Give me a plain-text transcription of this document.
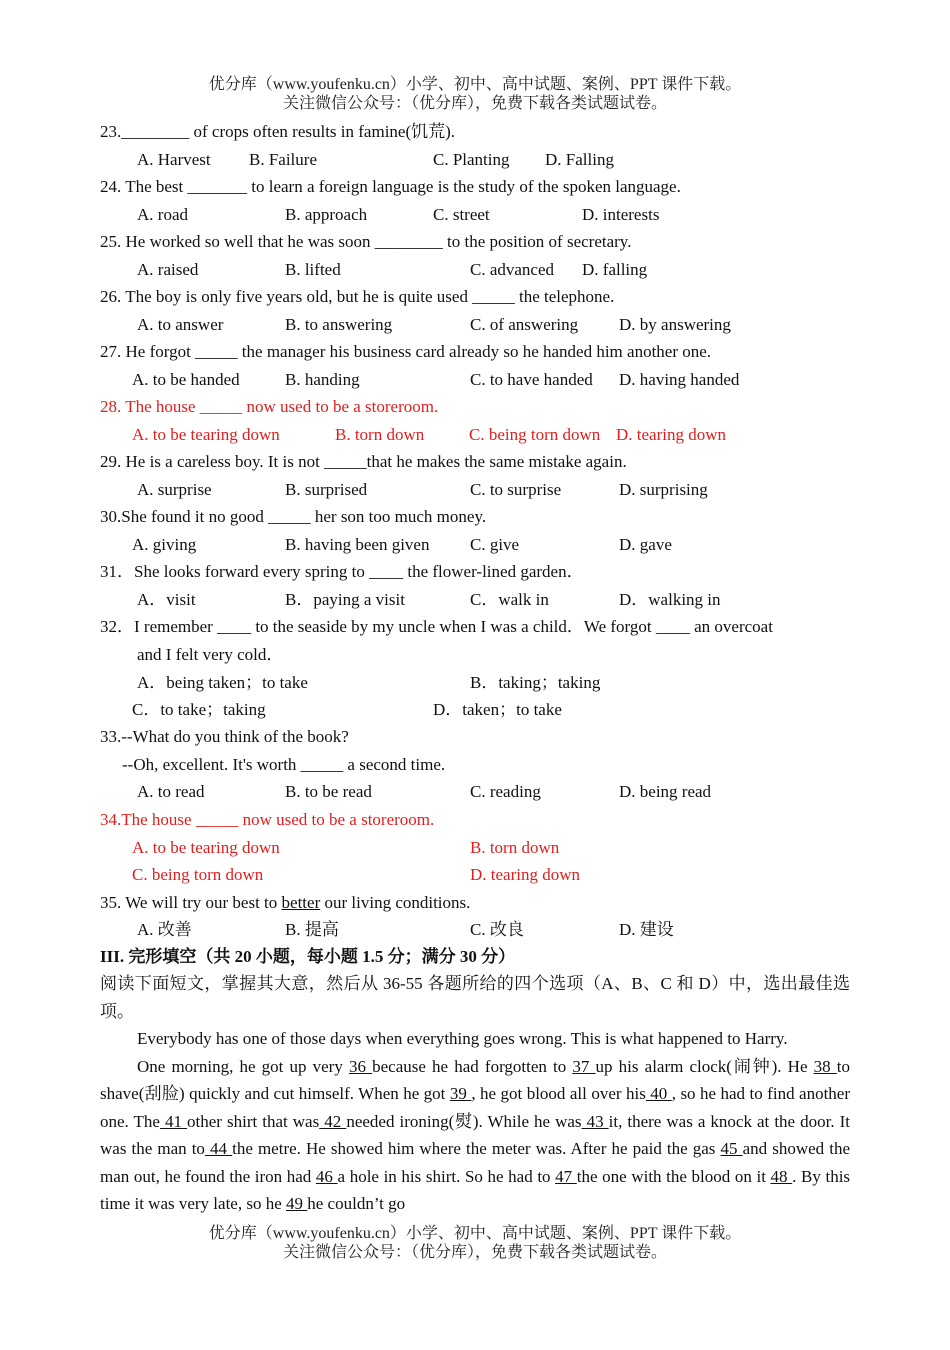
优分库（www.youfenku.cn）小学、初中、高中试题、案例、PPT 课件下载。
关注微信公众号：（优分库），免费下载各类试题试卷。
23.________ of crops often results in famine(饥荒).
A. Harvest B. Failure	C. Planting D. Falling
24. The best _______ to learn a foreign language is the study of the spoken language.
A. road	B. approach	C. street	D. interests
25. He worked so well that he was soon ________ to the position of secretary.
A. raised	B. lifted	C. advanced D. falling
26. The boy is only five years old, but he is quite used _____ the telephone.
A. to answer	B. to answering	C. of answering D. by answering
27. He forgot _____ the manager his business card already so he handed him another one.
A. to be handed	B. handing	C. to have handed D. having handed
28. The house _____ now used to be a storeroom.
A. to be tearing down	B. torn down	C. being torn down D. tearing down
29. He is a careless boy. It is not _____that he makes the same mistake again.
A. surprise	B. surprised	C. to surprise	D. surprising
30.She found it no good _____ her son too much money.
A. giving	B. having been given C. give	D. gave
31．She looks forward every spring to ____ the flower-lined garden．
A．visit	B．paying a visit	C．walk in	D．walking in
32．I remember ____ to the seaside by my uncle when I was a child．We forgot ____ an overcoat
and I felt very cold．
A．being taken；to take	B．taking；taking
C．to take；taking	D．taken；to take
33.--What do you think of the book?
--Oh, excellent. It's worth _____ a second time.
A. to read	B. to be read	C. reading	D. being read
34.The house _____ now used to be a storeroom.
A. to be tearing down	B. torn down
C. being torn down	D. tearing down
35. We will try our best to better our living conditions.
A. 改善	B. 提高	C. 改良	D. 建设
III. 完形填空（共 20 小题，每小题 1.5 分；满分 30 分）

阅读下面短文，掌握其大意，然后从 36-55 各题所给的四个选项（A、B、C 和 D）中，选出最佳选项。

Everybody has one of those days when everything goes wrong. This is what happened to Harry.

One morning, he got up very 36 because he had forgotten to 37 up his alarm clock(闹钟). He 38 to shave(刮脸) quickly and cut himself. When he got 39 , he got blood all over his 40 , so he had to find another one. The 41 other shirt that was 42 needed ironing(熨). While he was 43 it, there was a knock at the door. It was the man to 44 the metre. He showed him where the meter was. After he paid the gas 45 and showed the man out, he found the iron had 46 a hole in his shirt. So he had to 47 the one with the blood on it 48 . By this time it was very late, so he 49 he couldn’t go

优分库（www.youfenku.cn）小学、初中、高中试题、案例、PPT 课件下载。
关注微信公众号：（优分库），免费下载各类试题试卷。
